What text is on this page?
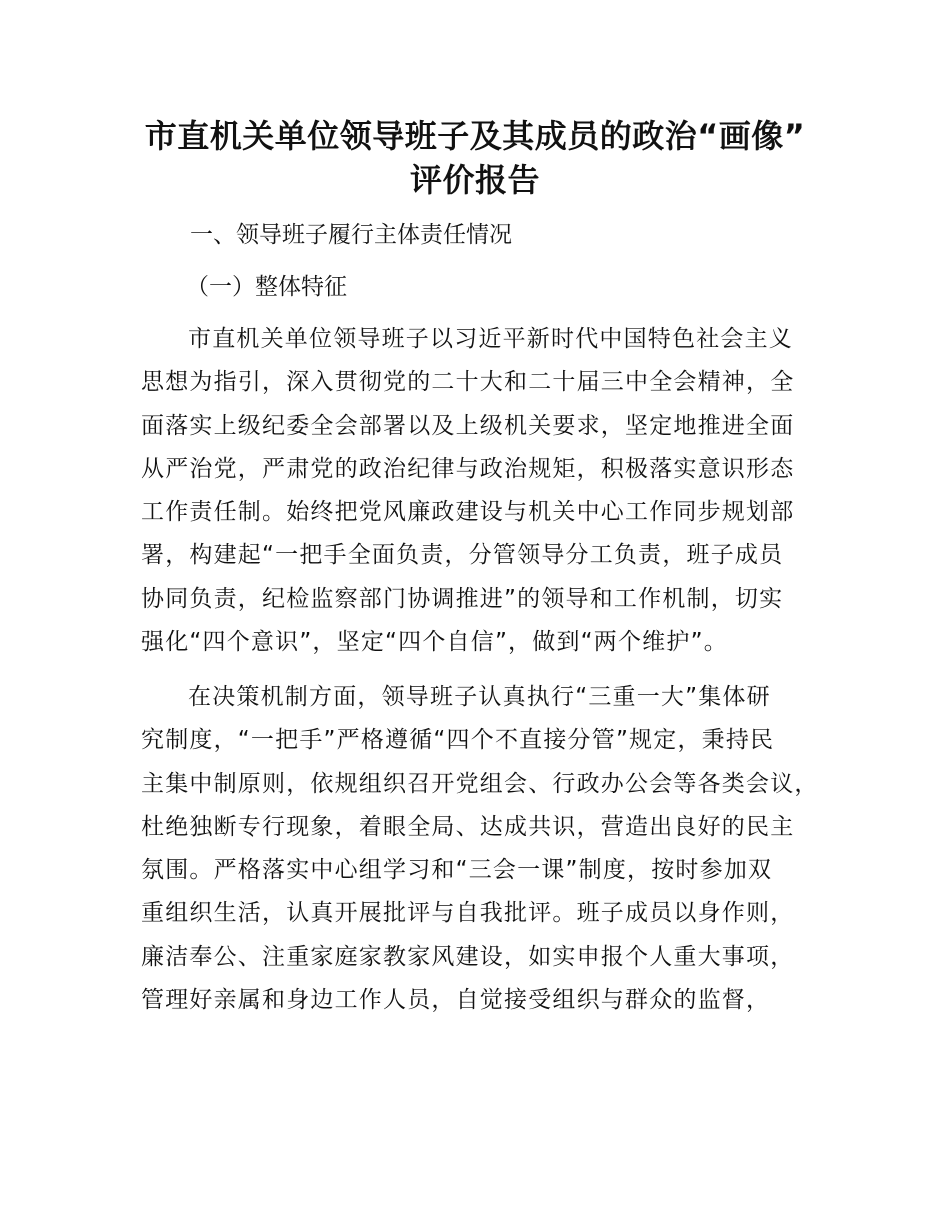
市直机关单位领导班子及其成员的政治“画像”
评价报告
一、领导班子履行主体责任情况
（一）整体特征
市直机关单位领导班子以习近平新时代中国特色社会主义
思想为指引，深入贯彻党的二十大和二十届三中全会精神，全
面落实上级纪委全会部署以及上级机关要求，坚定地推进全面
从严治党，严肃党的政治纪律与政治规矩，积极落实意识形态
工作责任制。始终把党风廉政建设与机关中心工作同步规划部
署，构建起“一把手全面负责，分管领导分工负责，班子成员
协同负责，纪检监察部门协调推进”的领导和工作机制，切实
强化“四个意识”，坚定“四个自信”，做到“两个维护”。
在决策机制方面，领导班子认真执行“三重一大”集体研
究制度，“一把手”严格遵循“四个不直接分管”规定，秉持民
主集中制原则，依规组织召开党组会、行政办公会等各类会议，
杜绝独断专行现象，着眼全局、达成共识，营造出良好的民主
氛围。严格落实中心组学习和“三会一课”制度，按时参加双
重组织生活，认真开展批评与自我批评。班子成员以身作则，
廉洁奉公、注重家庭家教家风建设，如实申报个人重大事项，
管理好亲属和身边工作人员，自觉接受组织与群众的监督，
